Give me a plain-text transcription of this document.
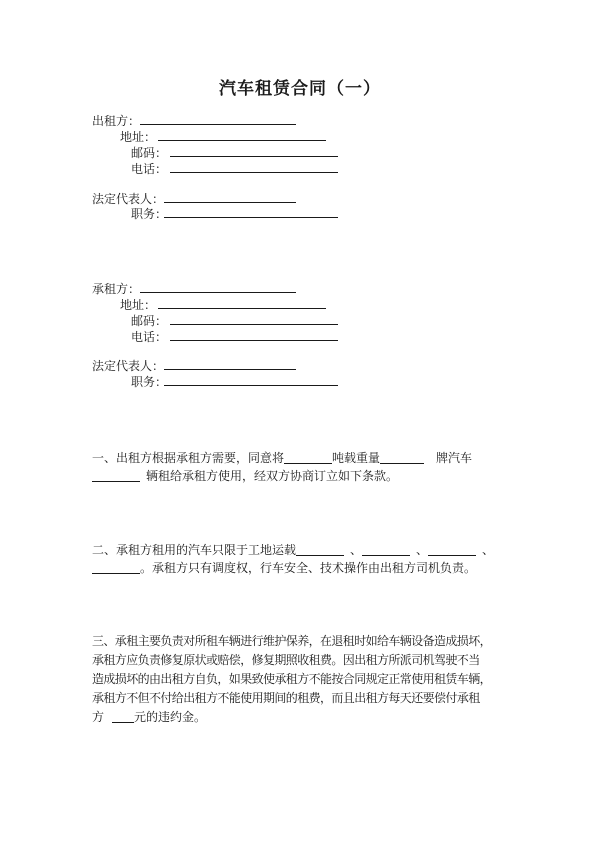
汽车租赁合同（一）
出租方：
地址：
邮码：
电话：
法定代表人：
职务：
承租方：
地址：
邮码：
电话：
法定代表人：
职务：
一、出租方根据承租方需要，同意将	吨载重量	牌汽车
辆租给承租方使用，经双方协商订立如下条款。
二、承租方租用的汽车只限于工地运载	、	、	、
。承租方只有调度权，行车安全、技术操作由出租方司机负责。
三、承租主要负责对所租车辆进行维护保养，在退租时如给车辆设备造成损坏，
承租方应负责修复原状或赔偿，修复期照收租费。因出租方所派司机驾驶不当
造成损坏的由出租方自负，如果致使承租方不能按合同规定正常使用租赁车辆，
承租方不但不付给出租方不能使用期间的租费，而且出租方每天还要偿付承租
方	元的违约金。
